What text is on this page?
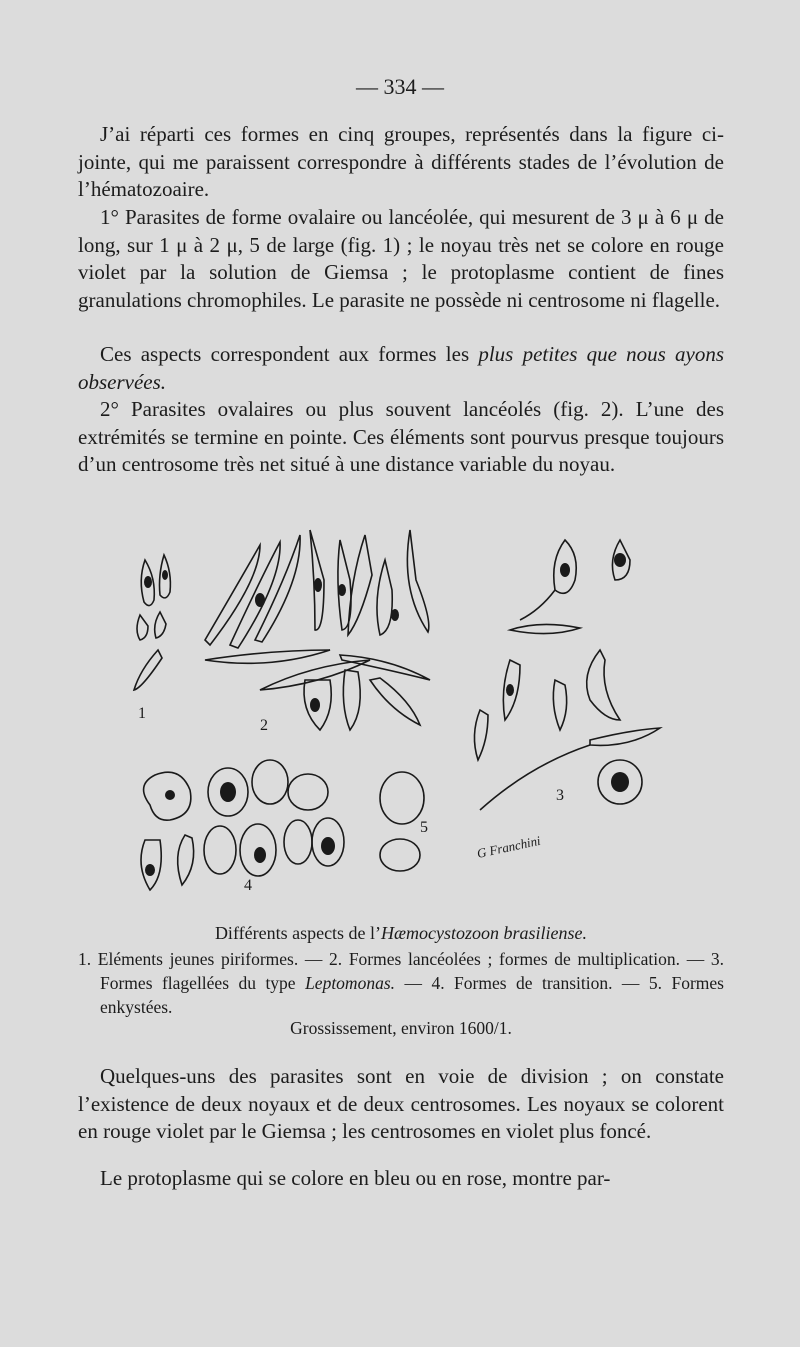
— 334 —

J’ai réparti ces formes en cinq groupes, représentés dans la figure ci-jointe, qui me paraissent correspondre à différents stades de l’évolution de l’hématozoaire.

1° Parasites de forme ovalaire ou lancéolée, qui mesurent de 3 μ à 6 μ de long, sur 1 μ à 2 μ, 5 de large (fig. 1) ; le noyau très net se colore en rouge violet par la solution de Giemsa ; le protoplasme contient de fines granulations chromophiles. Le parasite ne possède ni centrosome ni flagelle.

Ces aspects correspondent aux formes les plus petites que nous ayons observées.

2° Parasites ovalaires ou plus souvent lancéolés (fig. 2). L’une des extrémités se termine en pointe. Ces éléments sont pourvus presque toujours d’un centrosome très net situé à une distance variable du noyau.

1
2
3
4
5
G Franchini

Différents aspects de l’Hæmocystozoon brasiliense.

1. Eléments jeunes piriformes. — 2. Formes lancéolées ; formes de multiplication. — 3. Formes flagellées du type Leptomonas. — 4. Formes de transition. — 5. Formes enkystées.

Grossissement, environ 1600/1.

Quelques-uns des parasites sont en voie de division ; on constate l’existence de deux noyaux et de deux centrosomes. Les noyaux se colorent en rouge violet par le Giemsa ; les centrosomes en violet plus foncé.

Le protoplasme qui se colore en bleu ou en rose, montre par-
